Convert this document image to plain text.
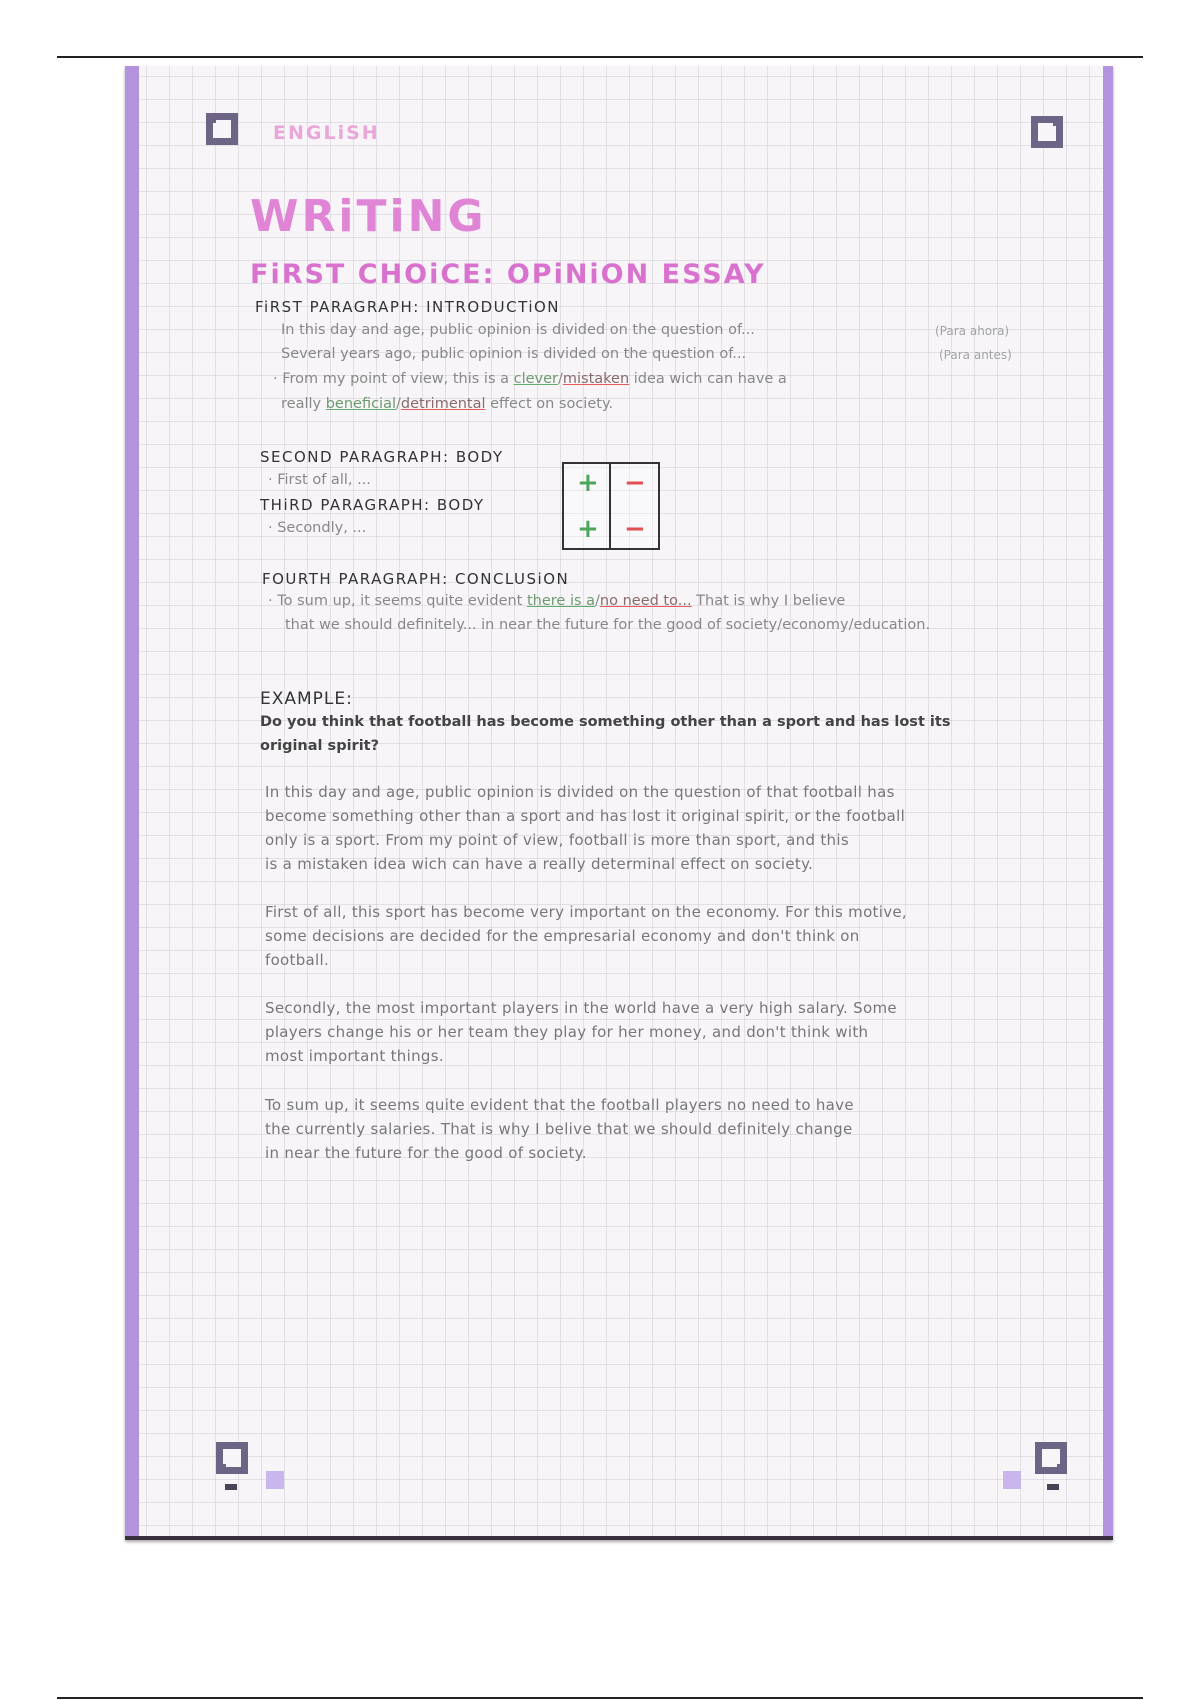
ENGLiSH
WRiTiNG
FiRST CHOiCE: OPiNiON ESSAY
FiRST PARAGRAPH: INTRODUCTiON
In this day and age, public opinion is divided on the question of...	(Para ahora)
Several years ago, public opinion is divided on the question of...	(Para antes)
· From my point of view, this is a clever/mistaken idea wich can have a
really beneficial/detrimental effect on society.
SECOND PARAGRAPH: BODY
· First of all, ...
THiRD PARAGRAPH: BODY
· Secondly, ...
+ −
+ −
FOURTH PARAGRAPH: CONCLUSiON
· To sum up, it seems quite evident there is a/no need to... That is why I believe
that we should definitely... in near the future for the good of society/economy/education.
EXAMPLE:
Do you think that football has become something other than a sport and has lost its
original spirit?
In this day and age, public opinion is divided on the question of that football has
become something other than a sport and has lost it original spirit, or the football
only is a sport. From my point of view, football is more than sport, and this
is a mistaken idea wich can have a really determinal effect on society.
First of all, this sport has become very important on the economy. For this motive,
some decisions are decided for the empresarial economy and don't think on
football.
Secondly, the most important players in the world have a very high salary. Some
players change his or her team they play for her money, and don't think with
most important things.
To sum up, it seems quite evident that the football players no need to have
the currently salaries. That is why I belive that we should definitely change
in near the future for the good of society.
